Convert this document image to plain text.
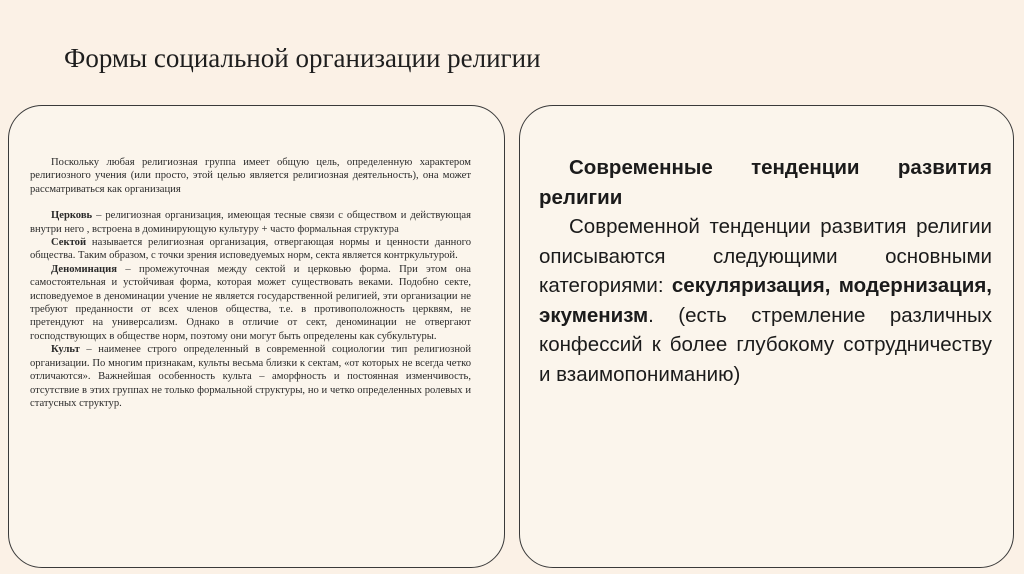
Формы социальной организации религии

Поскольку любая религиозная группа имеет общую цель, определенную характером религиозного учения (или просто, этой целью является религиозная деятельность), она может рассматриваться как организация

Церковь – религиозная организация, имеющая тесные связи с обществом и действующая внутри него , встроена в доминирующую культуру + часто формальная структура

Сектой называется религиозная организация, отвергающая нормы и ценности данного общества. Таким образом, с точки зрения исповедуемых норм, секта является контркультурой.

Деноминация – промежуточная между сектой и церковью форма. При этом она самостоятельная и устойчивая форма, которая может существовать веками. Подобно секте, исповедуемое в деноминации учение не является государственной религией, эти организации не требуют преданности от всех членов общества, т.е. в противоположность церквям, не претендуют на универсализм. Однако в отличие от сект, деноминации не отвергают господствующих в обществе норм, поэтому они могут быть определены как субкультуры.

Культ – наименее строго определенный в современной социологии тип религиозной организации. По многим признакам, культы весьма близки к сектам, «от которых не всегда четко отличаются». Важнейшая особенность культа – аморфность и постоянная изменчивость, отсутствие в этих группах не только формальной структуры, но и четко определенных ролевых и статусных структур.

Современные тенденции развития религии

Современной тенденции развития религии описываются следующими основными категориями: секуляризация, модернизация, экуменизм. (есть стремление различных конфессий к более глубокому сотрудничеству и взаимопониманию)
